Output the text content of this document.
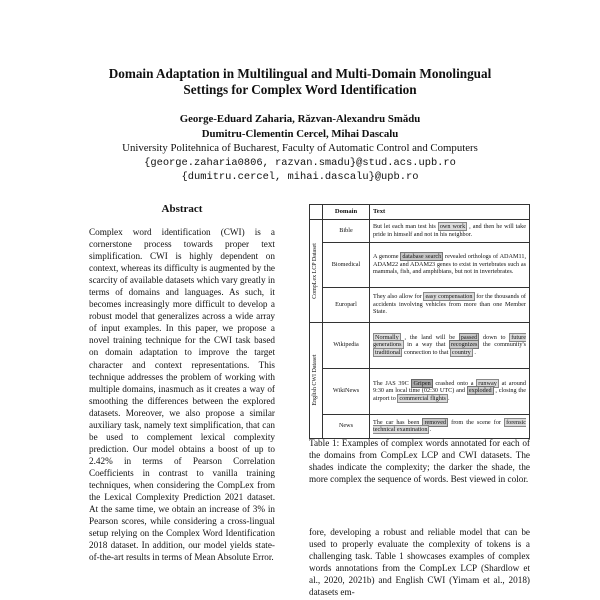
Domain Adaptation in Multilingual and Multi-Domain Monolingual
Settings for Complex Word Identification
George-Eduard Zaharia, Răzvan-Alexandru Smădu
Dumitru-Clementin Cercel, Mihai Dascalu
University Politehnica of Bucharest, Faculty of Automatic Control and Computers
{george.zaharia0806, razvan.smadu}@stud.acs.upb.ro
{dumitru.cercel, mihai.dascalu}@upb.ro
Abstract

Complex word identification (CWI) is a cornerstone process towards proper text simplification. CWI is highly dependent on context, whereas its difficulty is augmented by the scarcity of available datasets which vary greatly in terms of domains and languages. As such, it becomes increasingly more difficult to develop a robust model that generalizes across a wide array of input examples. In this paper, we propose a novel training technique for the CWI task based on domain adaptation to improve the target character and context representations. This technique addresses the problem of working with multiple domains, inasmuch as it creates a way of smoothing the differences between the explored datasets. Moreover, we also propose a similar auxiliary task, namely text simplification, that can be used to complement lexical complexity prediction. Our model obtains a boost of up to 2.42% in terms of Pearson Correlation Coefficients in contrast to vanilla training techniques, when considering the CompLex from the Lexical Complexity Prediction 2021 dataset. At the same time, we obtain an increase of 3% in Pearson scores, while considering a cross-lingual setup relying on the Complex Word Identification 2018 dataset. In addition, our model yields state-of-the-art results in terms of Mean Absolute Error.

	Domain	Text

CompLex LCP Dataset	Bible	But let each man test his own work , and then he will take pride in himself and not in his neighbor.
	Biomedical	A genome database search revealed orthologs of ADAM11, ADAM22 and ADAM23 genes to exist in vertebrates such as mammals, fish, and amphibians, but not in invertebrates.
	Europarl	They also allow for easy compensation for the thousands of accidents involving vehicles from more than one Member State.

English CWI Dataset	Wikipedia	Normally , the land will be passed down to future generations in a way that recognizes the community's traditional connection to that country .
	WikiNews	The JAS 39C Gripen crashed onto a runway at around 9:30 am local time (02:30 UTC) and exploded , closing the airport to commercial flights .
	News	The car has been removed from the scene for forensic technical examination .
Table 1: Examples of complex words annotated for each of the domains from CompLex LCP and CWI datasets. The shades indicate the complexity; the darker the shade, the more complex the sequence of words. Best viewed in color.
fore, developing a robust and reliable model that can be used to properly evaluate the complexity of tokens is a challenging task. Table 1 showcases examples of complex words annotations from the CompLex LCP (Shardlow et al., 2020, 2021b) and English CWI (Yimam et al., 2018) datasets em-
